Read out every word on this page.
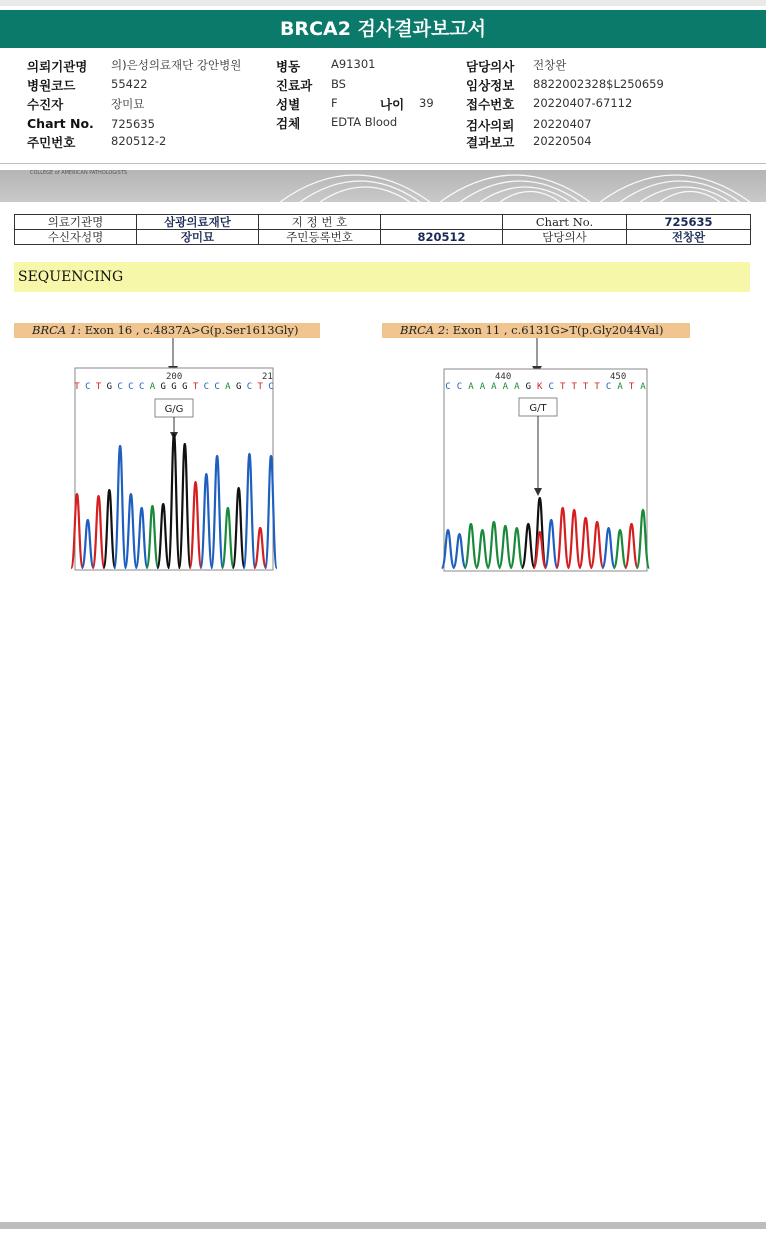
BRCA2 검사결과보고서
의뢰기관명 의)은성의료재단 강안병원
병원코드	55422
수진자	장미묘
Chart No. 725635
주민번호	820512-2
병동	A91301
진료과 BS
성별	F	나이 39
검체	EDTA Blood
담당의사 전창완
임상정보 8822002328$L250659
접수번호 20220407-67112
검사의뢰 20220407
결과보고 20220504
COLLEGE of AMERICAN PATHOLOGISTS
의료기관명	삼광의료재단	지 정 번 호		Chart No.	725635
수신자성명	장미묘	주민등록번호	820512	담당의사	전창완
SEQUENCING
BRCA 1: Exon 16 , c.4837A>G(p.Ser1613Gly)	BRCA 2: Exon 11 , c.6131G>T(p.Gly2044Val)
200	21
T C T G C C C A G G G T C C A G C T C
G/G
440	450
C C A A A A A G K C T T T T C A T A
G/T
